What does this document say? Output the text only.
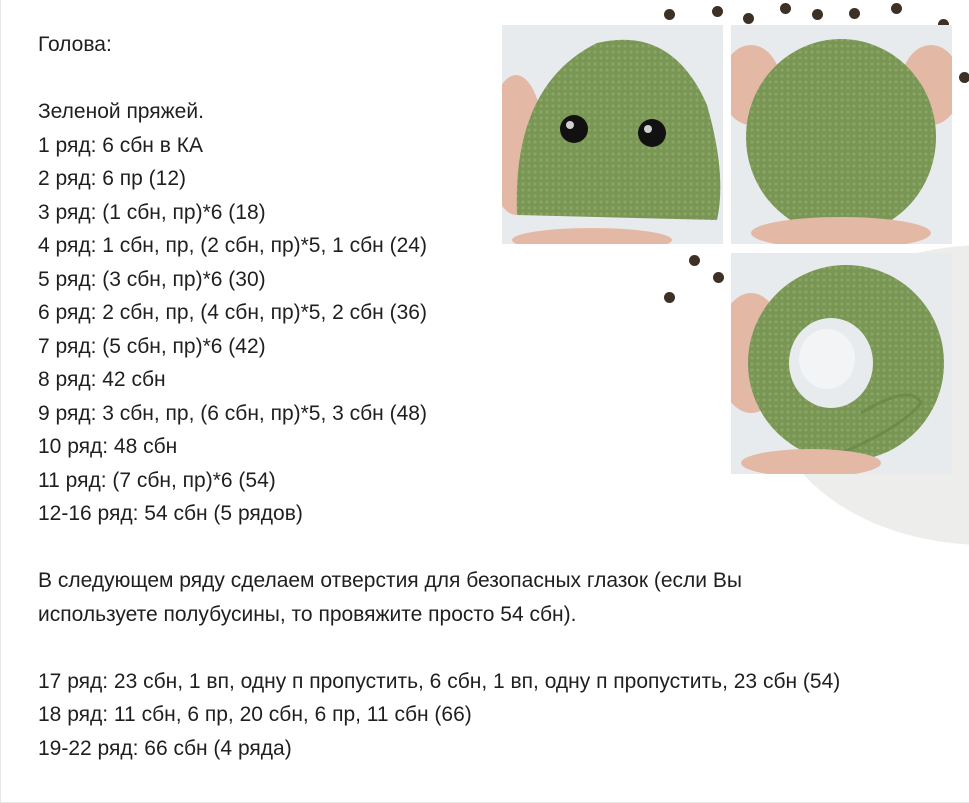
Голова:

Зеленой пряжей.

1 ряд: 6 сбн в КА

2 ряд: 6 пр (12)

3 ряд: (1 сбн, пр)*6 (18)

4 ряд: 1 сбн, пр, (2 сбн, пр)*5, 1 сбн (24)

5 ряд: (3 сбн, пр)*6 (30)

6 ряд: 2 сбн, пр, (4 сбн, пр)*5, 2 сбн (36)

7 ряд: (5 сбн, пр)*6 (42)

8 ряд: 42 сбн

9 ряд: 3 сбн, пр, (6 сбн, пр)*5, 3 сбн (48)

10 ряд: 48 сбн

11 ряд: (7 сбн, пр)*6 (54)

12-16 ряд: 54 сбн (5 рядов)

В следующем ряду сделаем отверстия для безопасных глазок (если Вы

используете полубусины, то провяжите просто 54 сбн).

17 ряд: 23 сбн, 1 вп, одну п пропустить, 6 сбн, 1 вп, одну п пропустить, 23 сбн (54)

18 ряд: 11 сбн, 6 пр, 20 сбн, 6 пр, 11 сбн (66)

19-22 ряд: 66 сбн (4 ряда)
